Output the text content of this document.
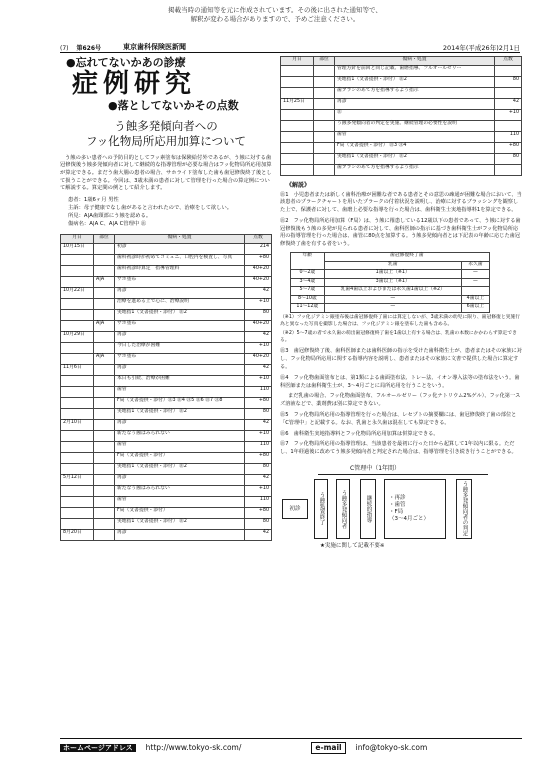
掲載当時の通知等を元に作成されています。その後に出された通知等で、
解釈が変わる場合がありますので、予めご注意ください。
(7) 第626号	東京歯科保険医新聞	2014年(平成26年)2月1日
●忘れてないかあの診療
症例研究
●落としてないかその点数
う蝕多発傾向者への
フッ化物局所応用加算について
う蝕の多い患者への予防目的としてフッ素塗布は保険給付外であるが、う蝕に対する歯冠修復後う蝕多発傾向者に対して継続的な指導管理が必要な場合はフッ化物局所応用加算が算定できる。まだう歯大腸の患者の場合、サホライド塗布した歯も歯冠修復終了後として扱うことができる。今回は、3歳未満の患者に対して管理を行った場合の算定例について解説する。算定間の例として紹介します。
患者：1歳6ヶ月 男性
主訴：母子健康でなし歯があると言われたので、治療をして欲しい。
所見：A|A歯頸部にう蝕を認める。
傷病名：A|A C、A|A C管理中 ㊟
月日	部位	傷病・処置	点数
10月15日		初診	214
		歯科初診時が初めてコミュニ、口腔内を検査し、写真	+80
		歯科初診時算定　指導管理料	40+20
	A|A	サホ塗布	40+20
10月22日		再診	42
		治療を進める上で心に、治療説明	+10
		実地指1（文書提供・添付） ㊟2	80
	A|A	サホ塗布	40+20
10月29日		再診	42
		今日した治療が困難	+10
	A|A	サホ塗布	40+20
11月6日		再診	42
		本日も引続、治療が困難	+10
		歯管	110
		F局（文書提供・添付）㊟3 ㊟4 ㊟5 ㊟6 ㊟7 ㊟8	+80
		実地指1（文書提供・添付） ㊟2	80
2月10日		再診	42
		新たなう蝕はみられない	+10
		歯管	110
		F局（文書提供・添付）	+80
		実地指1（文書提供・添付） ㊟2	80
5月12日		再診	42
		新たなう蝕はみられない	+10
		歯管	110
		F局（文書提供・添付）	+80
		実地指1（文書提供・添付） ㊟2	80
8月20日		再診	42
月日	部位	傷病・処置	点数
		管理方針を前回と同じ記載、歯磨指導、フルオールゼリー	
		実地指1（文書提供・添付） ㊟2	80
		歯ブラシのあて方を指導するよう指示	
11月25日		再診	42
		㊟	+10
		う蝕多発傾向者の判定を実施、継続管理の必要性を説明	
		歯管	110
		F局（文書提供・添付） ㊟3 ㊟4	+80
		実地指1（文書提供・添付） ㊟2	80
		歯ブラシのあて方を指導するよう指示	
《解説》

㊟1　小児患者または新しく歯科治療が困難な者である患者とその意思の疎通が困難な場合において、当該患者のプラークチャートを用いたプラークの付着状況を説明し、治療に対するブラッシングを観察した上で、保護者に対して、歯磨上必要な指導を行った場合は、歯科衛生士実地指導料1を算定できる。

㊟2　フッ化物局所応用加算（F局）は、う蝕に罹患している12歳以下の患者であって、う蝕に対する歯冠修復後もう蝕の多発が見られる患者に対して、歯科医師の指示に基づき歯科衛生士がフッ化物局所応用の指導管理を行った場合は、歯管に80点を加算する。う蝕多発傾向者とは下記表の年齢に応じた歯冠修復終了歯を有する者をいう。

年齢	歯冠修復終了歯	
	乳歯	永久歯
0〜2歳	1歯以上（※1）	—
3〜4歳	3歯以上（※1）	—
5〜7歳	乳歯4歯以上およびまたは永久歯1歯以上（※2）	
8〜10歳	—	4歯以上
11〜12歳	—	6歯以上

（※1）フッ化ジアミン銀塗布後は歯冠修復終了歯には算定しないが、3歳未満の幼児に限り、歯冠修復と実施行為と異なった写真を撮影した場合は、フッ化ジアミン銀を塗布した歯も含める。

（※2）5〜7歳の者で永久歯の萌出歯冠修復終了歯を1歯以上有する場合は、乳歯の本数にかかわらず算定できる。

㊟3　歯冠修復終了後、歯科医師または歯科医師の指示を受けた歯科衛生士が、患者またはその家族に対し、フッ化物局所応用に関する指導内容を説明し、患者またはその家族に文書で提供した場合に算定する。

㊟4　フッ化物歯面塗布とは、第1類による歯面塗布法、トレー法、イオン導入法等の塗布法をいう。歯科医師または歯科衛生士が、3〜4月ごとに局所応用を行うことをいう。

まだ乳歯の場合、フッ化物歯面塗布、フルオールゼリー（フッ化ナトリウム2%ゲル）、フッ化第一スズ溶液などで、薬剤費は別に算定できない。

㊟5　フッ化物局所応用の指導管理を行った場合は、レセプトの摘要欄には、歯冠修復終了歯の部位と「C管理中」と記載する。なお、乳歯と永久歯は混在しても算定できる。

㊟6　歯科衛生実地指導料とフッ化物局所応用加算は併算定できる。

㊟7　フッ化物局所応用の指導管理は、当該患者を最初に行った日から起算して1年以内に限る。ただし、1年経過後に改めてう蝕多発傾向者と判定された場合は、指導管理を引き続き行うことができる。

C管理中（1年間）
初診	う蝕処置終了	う蝕多発傾向者	継続的指導	・再診
・歯管
・F局
（3〜4月ごと）	う蝕多発傾向者の判定
★実施に関して記載不要※
ホームページアドレス	http://www.tokyo-sk.com/	e-mail	info@tokyo-sk.com
